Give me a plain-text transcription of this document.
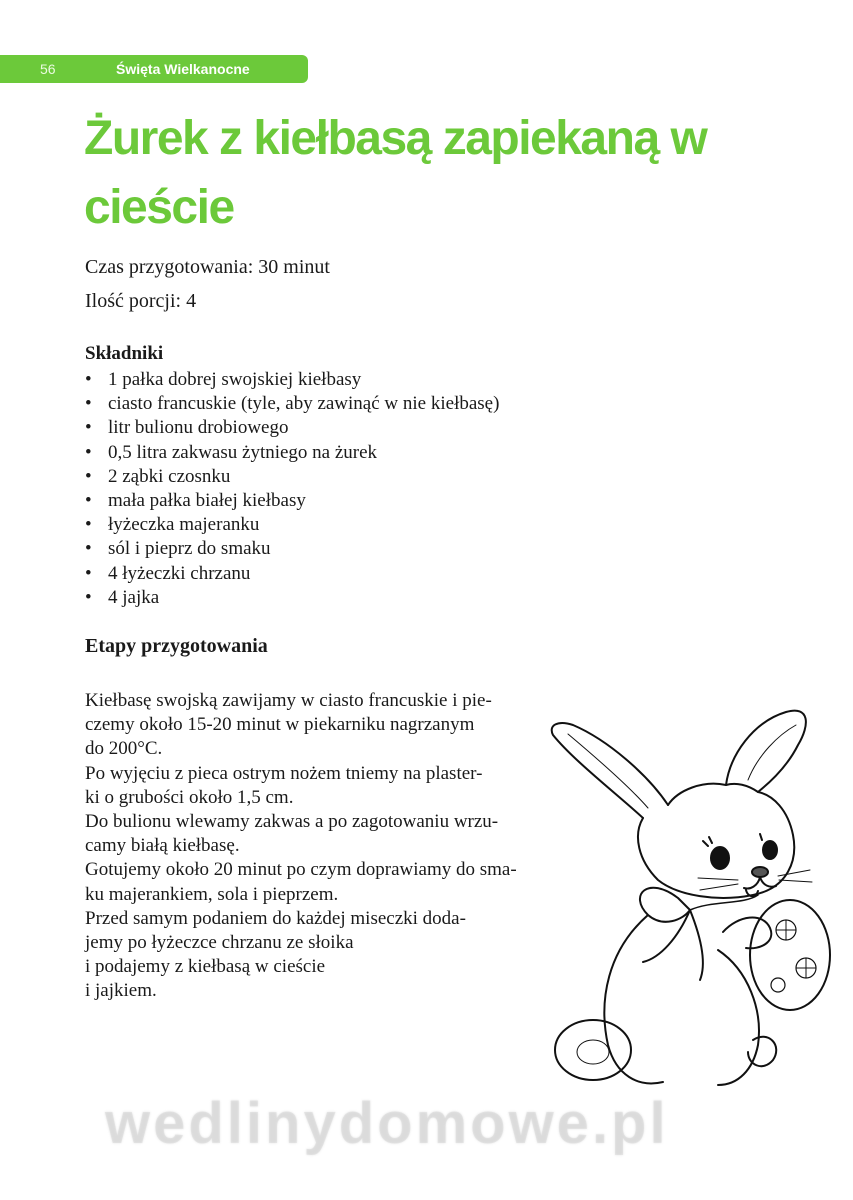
56	Święta Wielkanocne
Żurek z kiełbasą zapiekaną w cieście
Czas przygotowania: 30 minut
Ilość porcji: 4
Składniki
• 1 pałka dobrej swojskiej kiełbasy
• ciasto francuskie (tyle, aby zawinąć w nie kiełbasę)
• litr bulionu drobiowego
• 0,5 litra zakwasu żytniego na żurek
• 2 ząbki czosnku
• mała pałka białej kiełbasy
• łyżeczka majeranku
• sól i pieprz do smaku
• 4 łyżeczki chrzanu
• 4 jajka
Etapy przygotowania
Kiełbasę swojską zawijamy w ciasto francuskie i pie-
czemy około 15-20 minut w piekarniku nagrzanym
do 200°C.
Po wyjęciu z pieca ostrym nożem tniemy na plaster-
ki o grubości około 1,5 cm.
Do bulionu wlewamy zakwas a po zagotowaniu wrzu-
camy białą kiełbasę.
Gotujemy około 20 minut po czym doprawiamy do sma-
ku majerankiem, sola i pieprzem.
Przed samym podaniem do każdej miseczki doda-
jemy po łyżeczce chrzanu ze słoika
i podajemy z kiełbasą w cieście
i jajkiem.
wedlinydomowe.pl
